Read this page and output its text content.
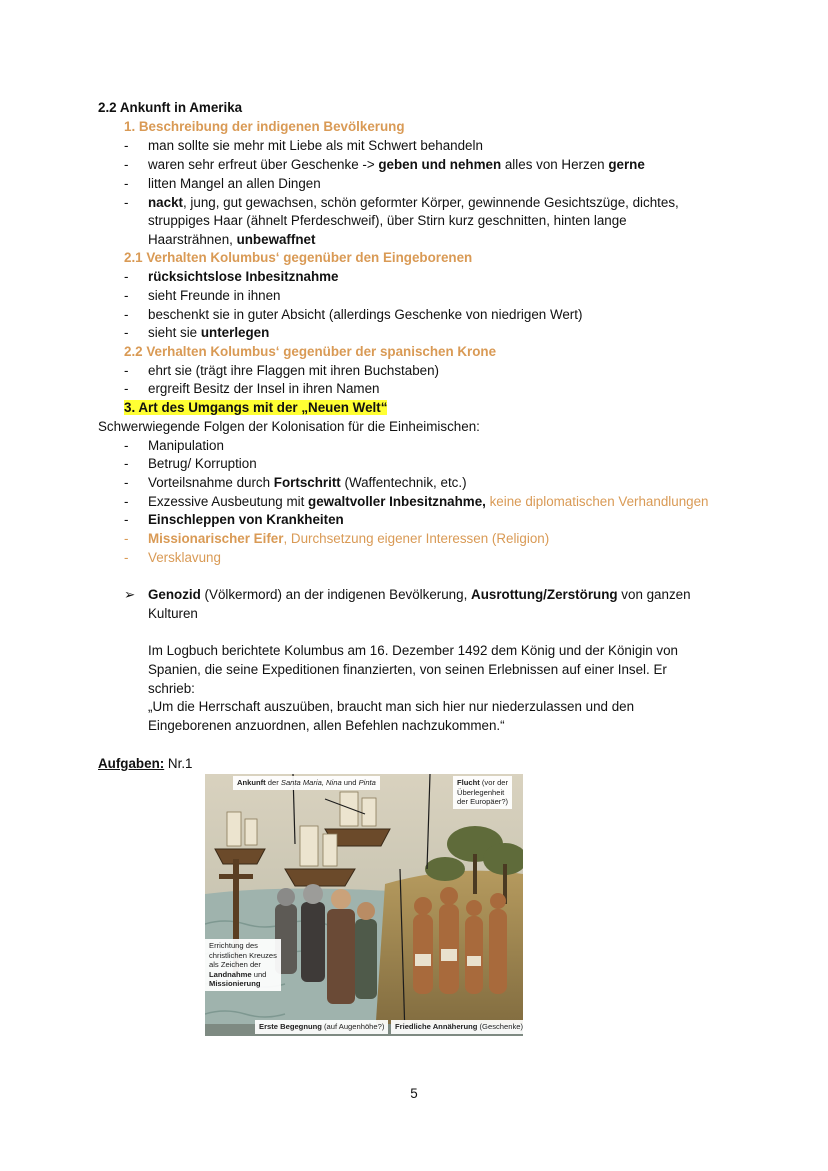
2.2 Ankunft in Amerika
1. Beschreibung der indigenen Bevölkerung
- man sollte sie mehr mit Liebe als mit Schwert behandeln
- waren sehr erfreut über Geschenke -> geben und nehmen alles von Herzen gerne
- litten Mangel an allen Dingen
- nackt, jung, gut gewachsen, schön geformter Körper, gewinnende Gesichtszüge, dichtes,
struppiges Haar (ähnelt Pferdeschweif), über Stirn kurz geschnitten, hinten lange
Haarsträhnen, unbewaffnet
2.1 Verhalten Kolumbus‘ gegenüber den Eingeborenen
- rücksichtslose Inbesitznahme
- sieht Freunde in ihnen
- beschenkt sie in guter Absicht (allerdings Geschenke von niedrigen Wert)
- sieht sie unterlegen
2.2 Verhalten Kolumbus‘ gegenüber der spanischen Krone
- ehrt sie (trägt ihre Flaggen mit ihren Buchstaben)
- ergreift Besitz der Insel in ihren Namen
3. Art des Umgangs mit der „Neuen Welt“
Schwerwiegende Folgen der Kolonisation für die Einheimischen:
- Manipulation
- Betrug/ Korruption
- Vorteilsnahme durch Fortschritt (Waffentechnik, etc.)
- Exzessive Ausbeutung mit gewaltvoller Inbesitznahme, keine diplomatischen Verhandlungen
- Einschleppen von Krankheiten
- Missionarischer Eifer, Durchsetzung eigener Interessen (Religion)
- Versklavung
➢ Genozid (Völkermord) an der indigenen Bevölkerung, Ausrottung/Zerstörung von ganzen
Kulturen
Im Logbuch berichtete Kolumbus am 16. Dezember 1492 dem König und der Königin von
Spanien, die seine Expeditionen finanzierten, von seinen Erlebnissen auf einer Insel. Er
schrieb:
„Um die Herrschaft auszuüben, braucht man sich hier nur niederzulassen und den
Eingeborenen anzuordnen, allen Befehlen nachzukommen.“
Aufgaben: Nr.1
Ankunft der Santa Maria, Nina und Pinta	Flucht (vor der
Überlegenheit
der Europäer?)
Errichtung des
christlichen Kreuzes
als Zeichen der
Landnahme und
Missionierung
Erste Begegnung (auf Augenhöhe?)	Friedliche Annäherung (Geschenke)
5
